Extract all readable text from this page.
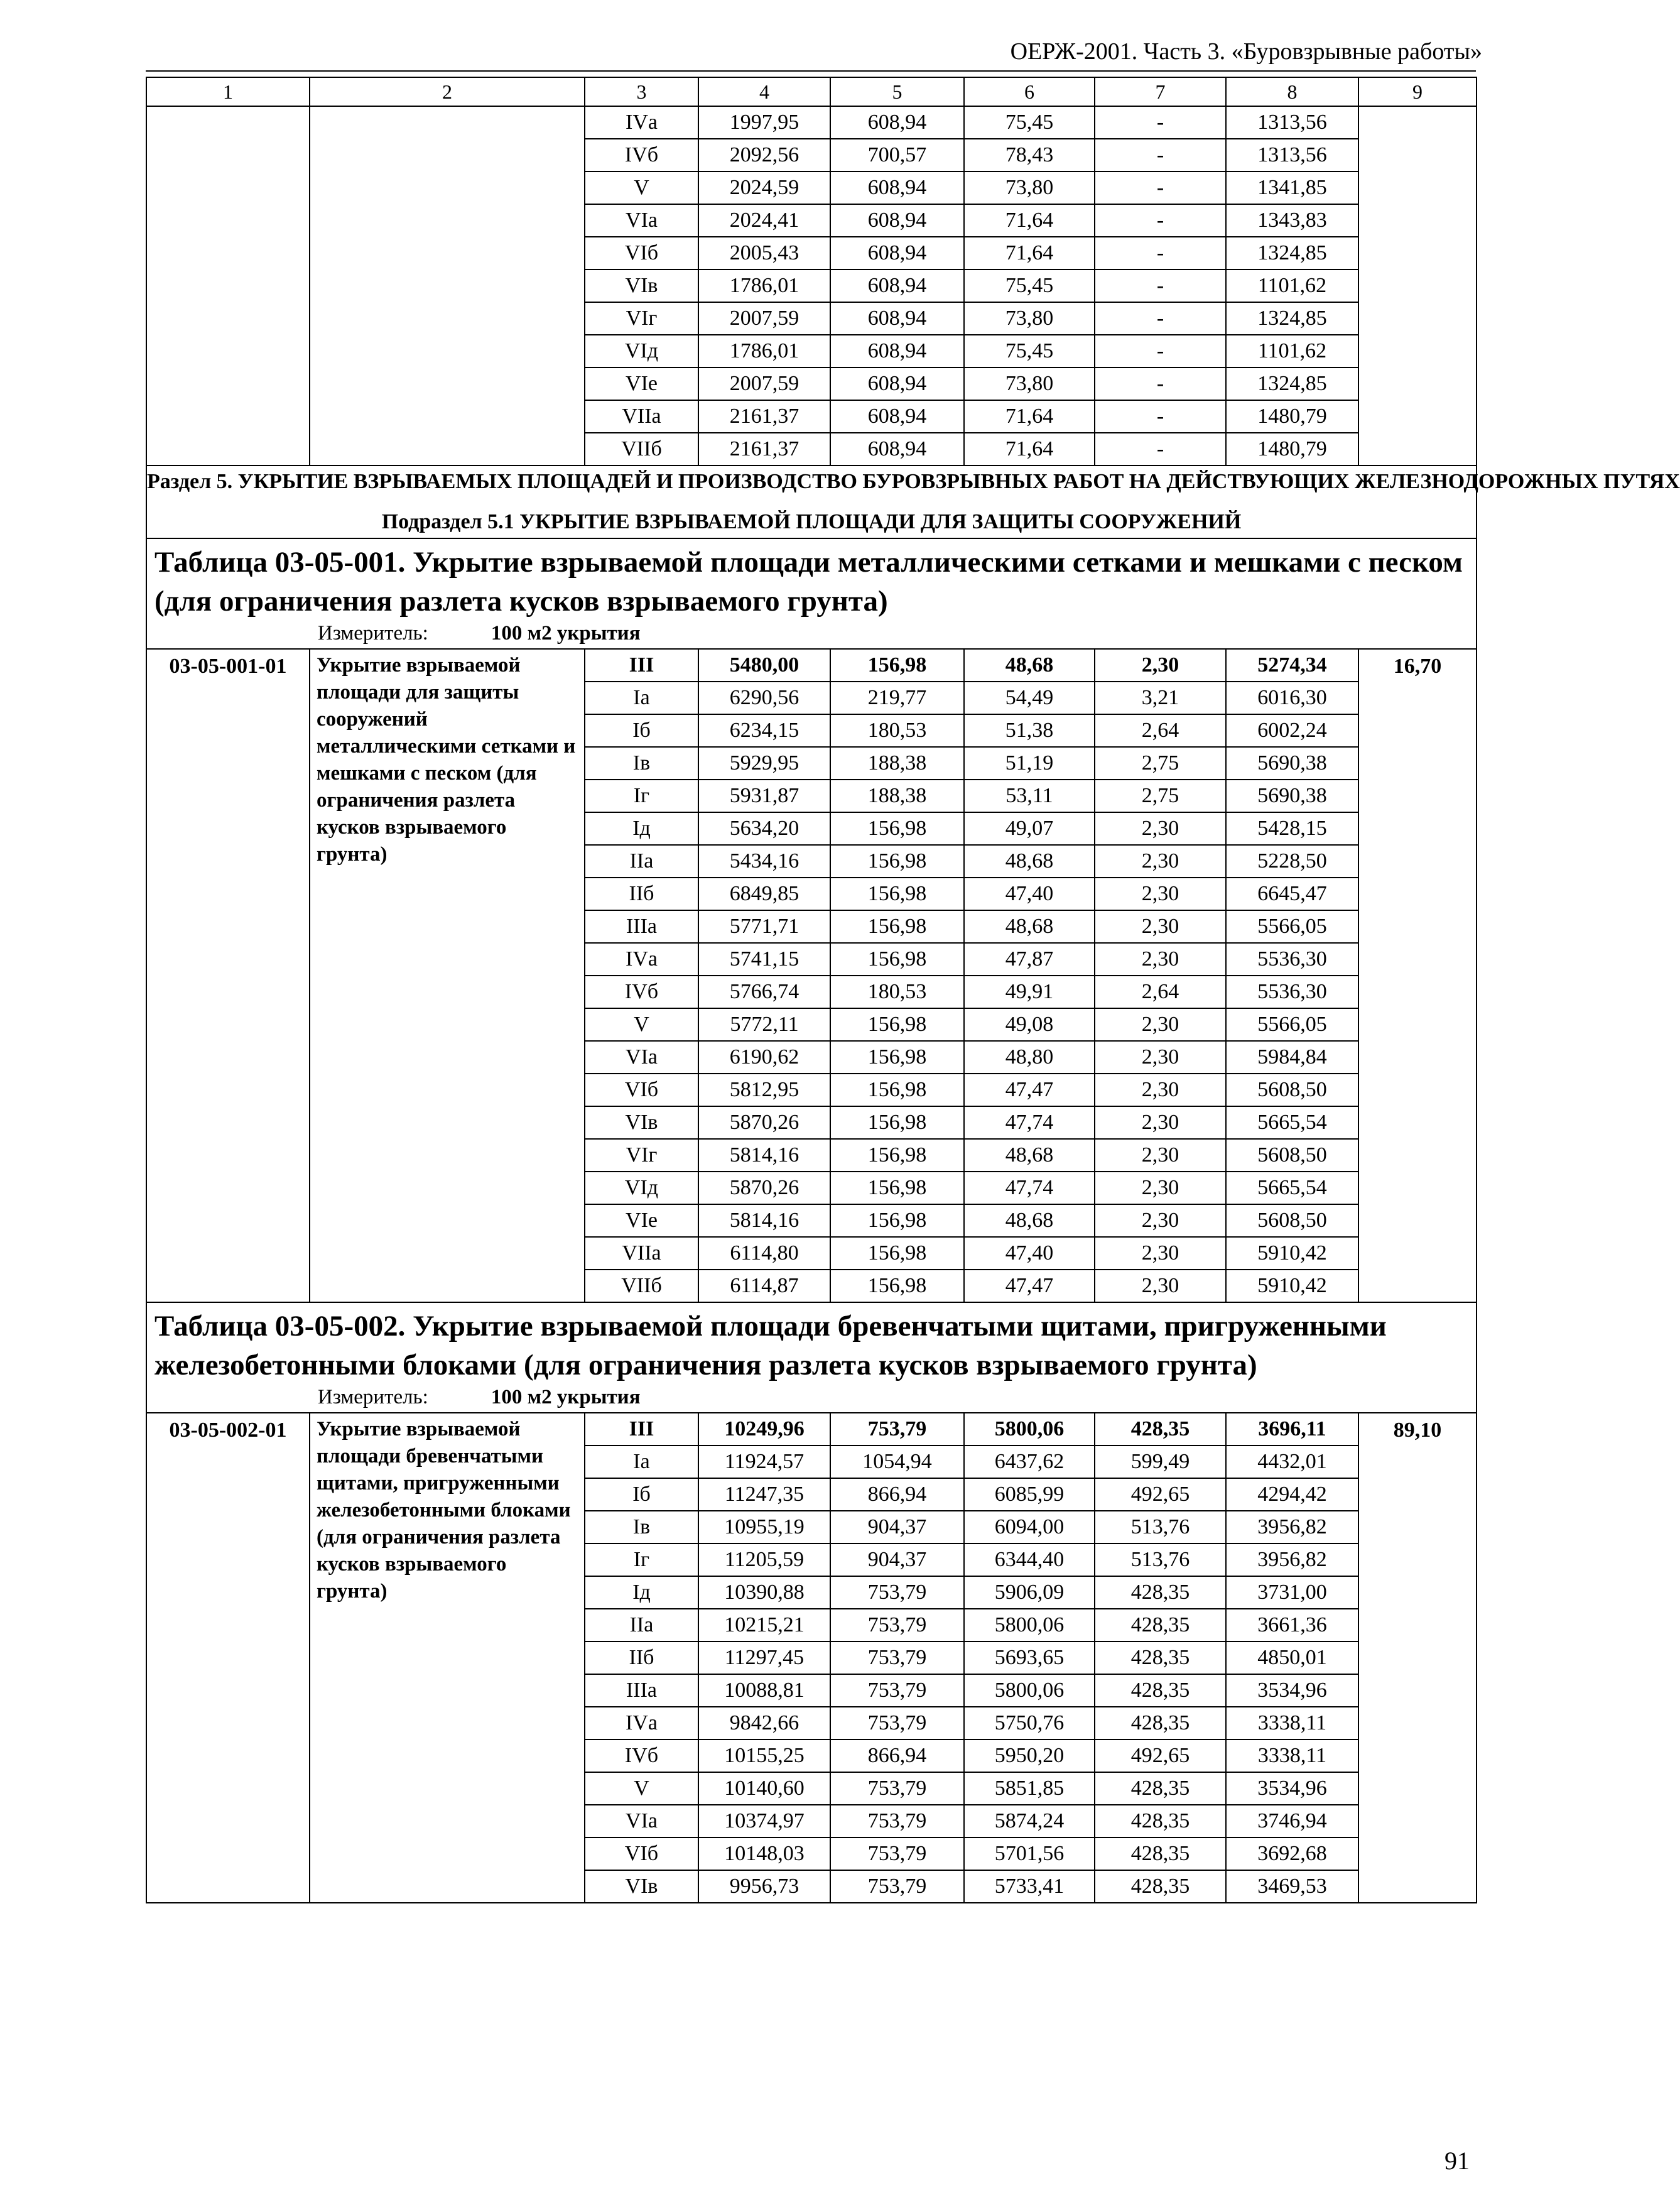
ОЕРЖ-2001. Часть 3. «Буровзрывные работы»
1	2	3	4	5	6	7	8	9
		IVа	1997,95	608,94	75,45	-	1313,56	
		IVб	2092,56	700,57	78,43	-	1313,56	
		V	2024,59	608,94	73,80	-	1341,85	
		VIа	2024,41	608,94	71,64	-	1343,83	
		VIб	2005,43	608,94	71,64	-	1324,85	
		VIв	1786,01	608,94	75,45	-	1101,62	
		VIг	2007,59	608,94	73,80	-	1324,85	
		VIд	1786,01	608,94	75,45	-	1101,62	
		VIе	2007,59	608,94	73,80	-	1324,85	
		VIIа	2161,37	608,94	71,64	-	1480,79	
		VIIб	2161,37	608,94	71,64	-	1480,79	

Раздел 5. УКРЫТИЕ ВЗРЫВАЕМЫХ ПЛОЩАДЕЙ И ПРОИЗВОДСТВО БУРОВЗРЫВНЫХ РАБОТ НА ДЕЙСТВУЮЩИХ ЖЕЛЕЗНОДОРОЖНЫХ ПУТЯХ
Подраздел 5.1 УКРЫТИЕ ВЗРЫВАЕМОЙ ПЛОЩАДИ ДЛЯ ЗАЩИТЫ СООРУЖЕНИЙ								

Таблица 03-05-001. Укрытие взрываемой площади металлическими сетками и мешками с песком (для ограничения разлета кусков взрываемого грунта)
Измеритель: 100 м2 укрытия								

03-05-001-01	Укрытие взрываемой площади для защиты сооружений металлическими сетками и мешками с песком (для ограничения разлета кусков взрываемого грунта)	III	5480,00	156,98	48,68	2,30	5274,34	16,70
		Iа	6290,56	219,77	54,49	3,21	6016,30	
		Iб	6234,15	180,53	51,38	2,64	6002,24	
		Iв	5929,95	188,38	51,19	2,75	5690,38	
		Iг	5931,87	188,38	53,11	2,75	5690,38	
		Iд	5634,20	156,98	49,07	2,30	5428,15	
		IIа	5434,16	156,98	48,68	2,30	5228,50	
		IIб	6849,85	156,98	47,40	2,30	6645,47	
		IIIа	5771,71	156,98	48,68	2,30	5566,05	
		IVа	5741,15	156,98	47,87	2,30	5536,30	
		IVб	5766,74	180,53	49,91	2,64	5536,30	
		V	5772,11	156,98	49,08	2,30	5566,05	
		VIа	6190,62	156,98	48,80	2,30	5984,84	
		VIб	5812,95	156,98	47,47	2,30	5608,50	
		VIв	5870,26	156,98	47,74	2,30	5665,54	
		VIг	5814,16	156,98	48,68	2,30	5608,50	
		VIд	5870,26	156,98	47,74	2,30	5665,54	
		VIе	5814,16	156,98	48,68	2,30	5608,50	
		VIIа	6114,80	156,98	47,40	2,30	5910,42	
		VIIб	6114,87	156,98	47,47	2,30	5910,42	

Таблица 03-05-002. Укрытие взрываемой площади бревенчатыми щитами, пригруженными железобетонными блоками (для ограничения разлета кусков взрываемого грунта)
Измеритель: 100 м2 укрытия								

03-05-002-01	Укрытие взрываемой площади бревенчатыми щитами, пригруженными железобетонными блоками (для ограничения разлета кусков взрываемого грунта)	III	10249,96	753,79	5800,06	428,35	3696,11	89,10
		Iа	11924,57	1054,94	6437,62	599,49	4432,01	
		Iб	11247,35	866,94	6085,99	492,65	4294,42	
		Iв	10955,19	904,37	6094,00	513,76	3956,82	
		Iг	11205,59	904,37	6344,40	513,76	3956,82	
		Iд	10390,88	753,79	5906,09	428,35	3731,00	
		IIа	10215,21	753,79	5800,06	428,35	3661,36	
		IIб	11297,45	753,79	5693,65	428,35	4850,01	
		IIIа	10088,81	753,79	5800,06	428,35	3534,96	
		IVа	9842,66	753,79	5750,76	428,35	3338,11	
		IVб	10155,25	866,94	5950,20	492,65	3338,11	
		V	10140,60	753,79	5851,85	428,35	3534,96	
		VIа	10374,97	753,79	5874,24	428,35	3746,94	
		VIб	10148,03	753,79	5701,56	428,35	3692,68	
		VIв	9956,73	753,79	5733,41	428,35	3469,53	
91
